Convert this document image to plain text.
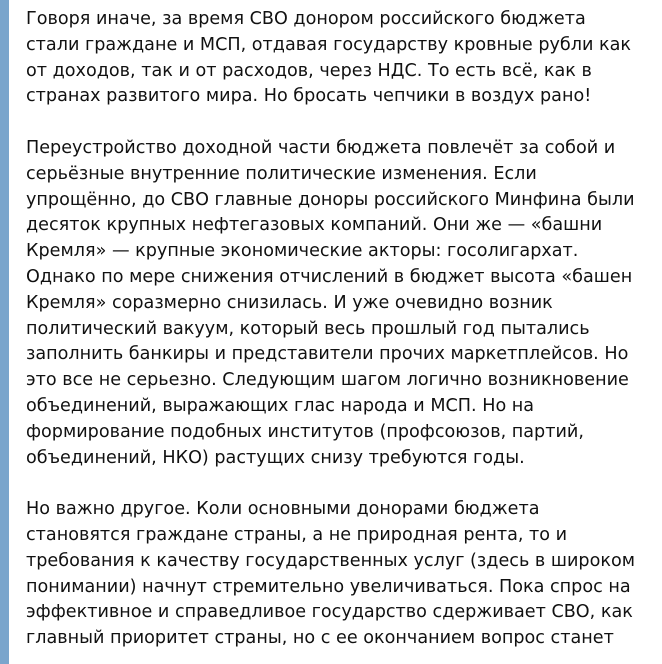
Говоря иначе, за время СВО донором российского бюджета
стали граждане и МСП, отдавая государству кровные рубли как
от доходов, так и от расходов, через НДС. То есть всё, как в
странах развитого мира. Но бросать чепчики в воздух рано!

Переустройство доходной части бюджета повлечёт за собой и
серьёзные внутренние политические изменения. Если
упрощённо, до СВО главные доноры российского Минфина были
десяток крупных нефтегазовых компаний. Они же — «башни
Кремля» — крупные экономические акторы: гоcолигархат.
Однако по мере снижения отчислений в бюджет высота «башен
Кремля» соразмерно снизилась. И уже очевидно возник
политический вакуум, который весь прошлый год пытались
заполнить банкиры и представители прочих маркетплейсов. Но
это все не серьезно. Следующим шагом логично возникновение
объединений, выражающих глас народа и МСП. Но на
формирование подобных институтов (профсоюзов, партий,
объединений, НКО) растущих снизу требуются годы.

Но важно другое. Коли основными донорами бюджета
становятся граждане страны, а не природная рента, то и
требования к качеству государственных услуг (здесь в широком
понимании) начнут стремительно увеличиваться. Пока спрос на
эффективное и справедливое государство сдерживает СВО, как
главный приоритет страны, но с ее окончанием вопрос станет
